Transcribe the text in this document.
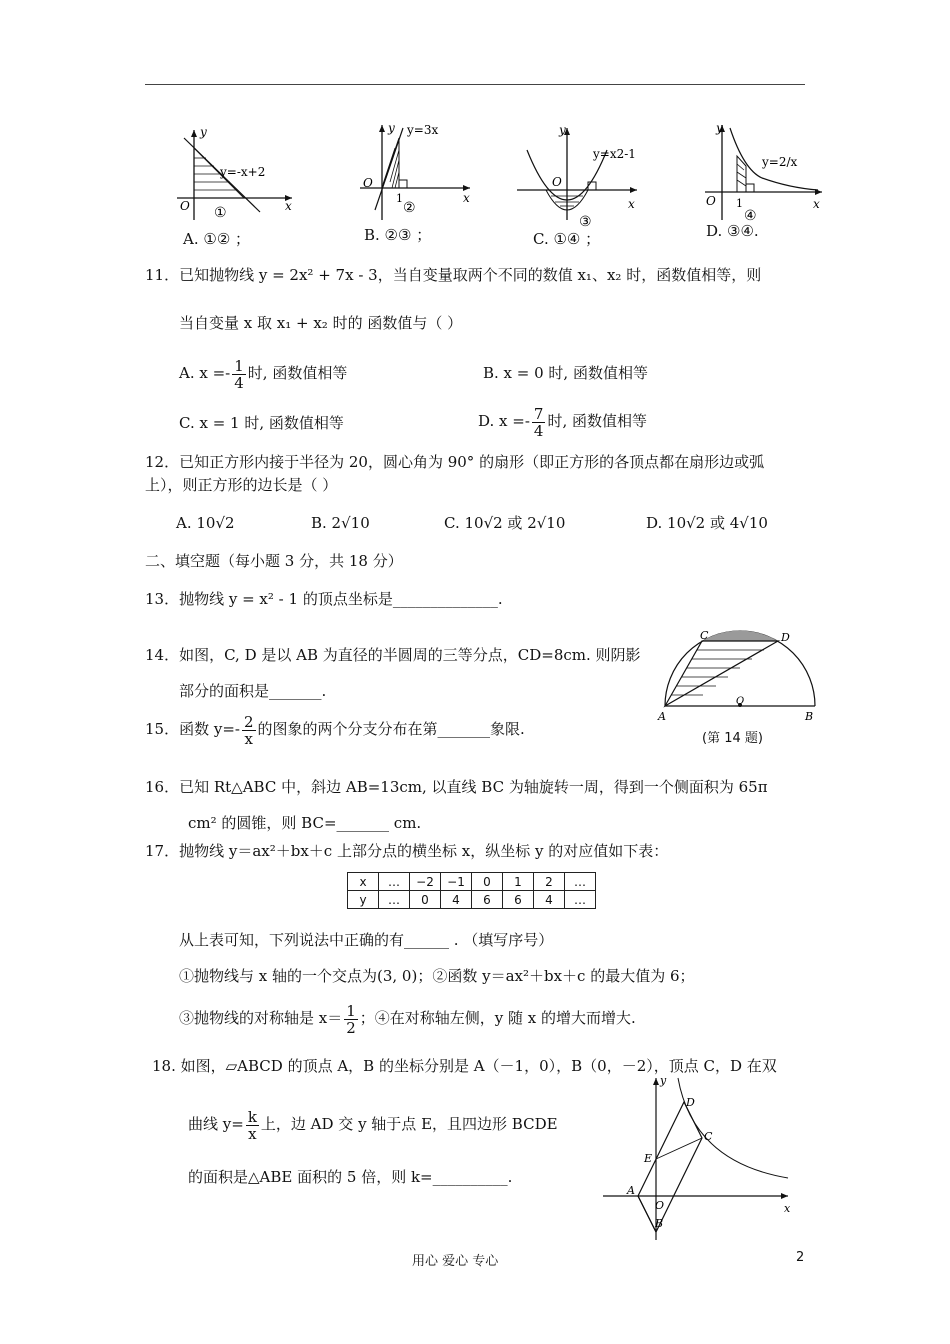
y
x
O
y=-x+2
①
A. ①② ；
y
x
O
1
y=3x
②
B. ②③ ；
y
x
O
y=x2-1
③
C. ①④ ；
y
x
O 1
y=2/x
④
D. ③④.
11．已知抛物线 y = 2x² + 7x - 3，当自变量取两个不同的数值 x₁、x₂ 时，函数值相等，则
当自变量 x 取 x₁ + x₂ 时的 函数值与（ ）
A. $x =- \frac{1}{4}$ 时, 函数值相等	B. x = 0 时, 函数值相等
C. x = 1 时, 函数值相等	D. $x =- \frac{7}{4}$ 时, 函数值相等
12．已知正方形内接于半径为 20，圆心角为 90° 的扇形（即正方形的各顶点都在扇形边或弧
上），则正方形的边长是（ ）
A. 10√2	B. 2√10	C. 10√2 或 2√10	D. 10√2 或 4√10
二、填空题（每小题 3 分，共 18 分）
13．抛物线 y = x² - 1 的顶点坐标是______________.
14．如图，C, D 是以 AB 为直径的半圆周的三等分点，CD=8cm. 则阴影
部分的面积是_______.
A	B
C	D
O
(第 14 题)
15．函数 $y=- \frac{2}{x}$ 的图象的两个分支分布在第_______象限.
16．已知 Rt△ABC 中，斜边 AB=13cm, 以直线 BC 为轴旋转一周，得到一个侧面积为 65π
cm² 的圆锥，则 BC=_______ cm.
17．抛物线 y＝ax²＋bx＋c 上部分点的横坐标 x，纵坐标 y 的对应值如下表：
x	…	−2	−1	0	1	2	…
y	…	0	4	6	6	4	…
从上表可知，下列说法中正确的有______ . （填写序号）
①抛物线与 x 轴的一个交点为(3, 0)；②函数 y＝ax²＋bx＋c 的最大值为 6；
③抛物线的对称轴是 $x= \frac{1}{2}$ ；④在对称轴左侧，y 随 x 的增大而增大.
18. 如图，▱ABCD 的顶点 A，B 的坐标分别是 A（－1，0），B（0，－2），顶点 C，D 在双
曲线 $y= \frac{k}{x}$ 上，边 AD 交 y 轴于点 E，且四边形 BCDE
的面积是△ABE 面积的 5 倍，则 k=__________.
y
x
D
C
E
A
O
B
用心 爱心 专心	2
